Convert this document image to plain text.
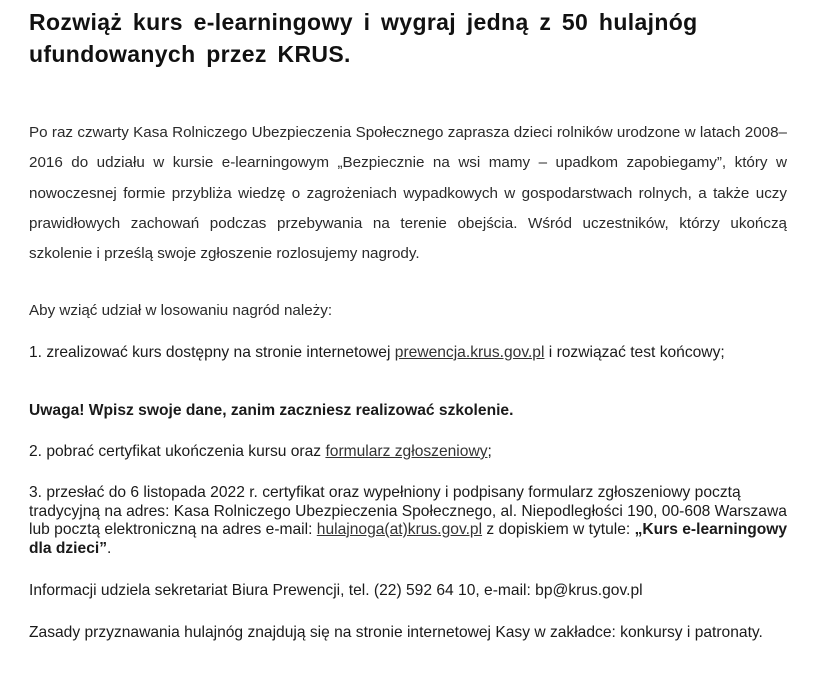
Rozwiąż kurs e-learningowy i wygraj jedną z 50 hulajnóg ufundowanych przez KRUS.

Po raz czwarty Kasa Rolniczego Ubezpieczenia Społecznego zaprasza dzieci rolników urodzone w latach 2008–2016 do udziału w kursie e-learningowym „Bezpiecznie na wsi mamy – upadkom zapobiegamy”, który w nowoczesnej formie przybliża wiedzę o zagrożeniach wypadkowych w gospodarstwach rolnych, a także uczy prawidłowych zachowań podczas przebywania na terenie obejścia. Wśród uczestników, którzy ukończą szkolenie i prześlą swoje zgłoszenie rozlosujemy nagrody.

Aby wziąć udział w losowaniu nagród należy:

1. zrealizować kurs dostępny na stronie internetowej prewencja.krus.gov.pl i rozwiązać test końcowy;

Uwaga! Wpisz swoje dane, zanim zaczniesz realizować szkolenie.

2. pobrać certyfikat ukończenia kursu oraz formularz zgłoszeniowy;

3. przesłać do 6 listopada 2022 r. certyfikat oraz wypełniony i podpisany formularz zgłoszeniowy pocztą tradycyjną na adres: Kasa Rolniczego Ubezpieczenia Społecznego, al. Niepodległości 190, 00-608 Warszawa lub pocztą elektroniczną na adres e-mail: hulajnoga(at)krus.gov.pl z dopiskiem w tytule: „Kurs e-learningowy dla dzieci”.

Informacji udziela sekretariat Biura Prewencji, tel. (22) 592 64 10, e-mail: bp@krus.gov.pl

Zasady przyznawania hulajnóg znajdują się na stronie internetowej Kasy w zakładce: konkursy i patronaty.
